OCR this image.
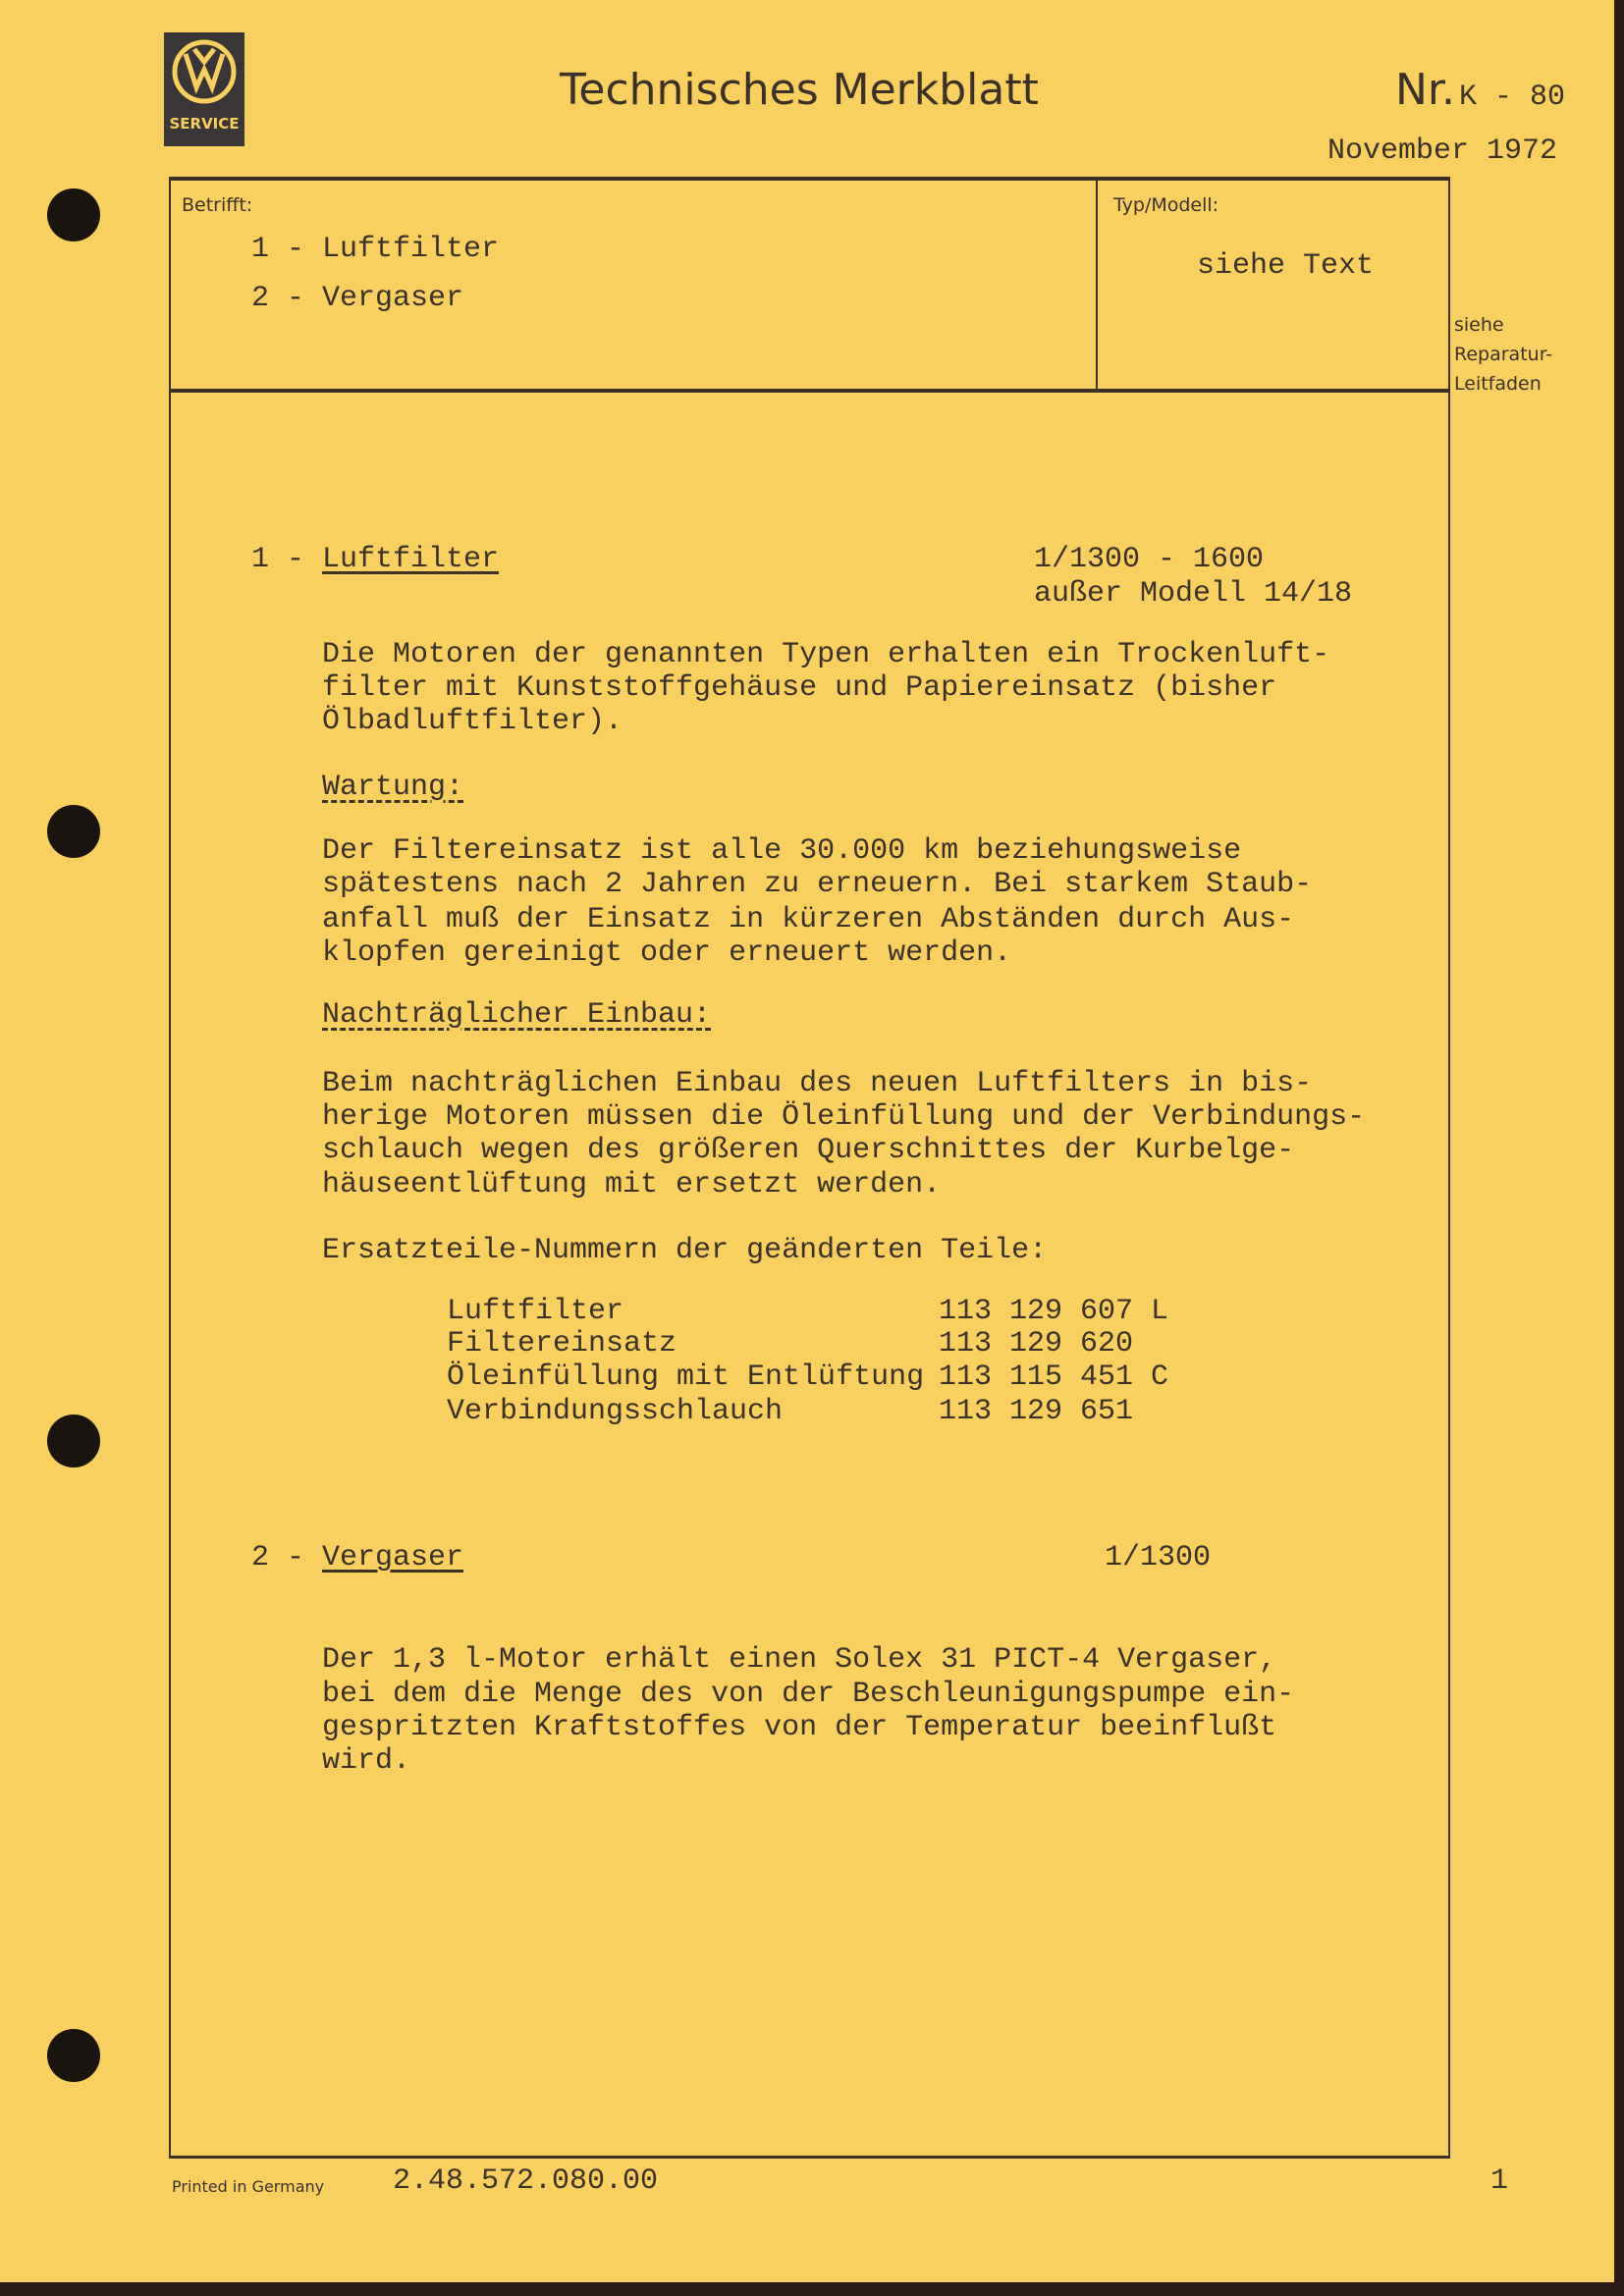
SERVICE
Technisches Merkblatt	Nr. K - 80
November 1972
Betrifft:
1 - Luftfilter
2 - Vergaser
Typ/Modell:
siehe Text
siehe
Reparatur-
Leitfaden
1 - Luftfilter	1/1300 - 1600
außer Modell 14/18
Die Motoren der genannten Typen erhalten ein Trockenluft-
filter mit Kunststoffgehäuse und Papiereinsatz (bisher
Ölbadluftfilter).
Wartung:
Der Filtereinsatz ist alle 30.000 km beziehungsweise
spätestens nach 2 Jahren zu erneuern. Bei starkem Staub-
anfall muß der Einsatz in kürzeren Abständen durch Aus-
klopfen gereinigt oder erneuert werden.
Nachträglicher Einbau:
Beim nachträglichen Einbau des neuen Luftfilters in bis-
herige Motoren müssen die Öleinfüllung und der Verbindungs-
schlauch wegen des größeren Querschnittes der Kurbelge-
häuseentlüftung mit ersetzt werden.
Ersatzteile-Nummern der geänderten Teile:
Luftfilter	113 129 607 L
Filtereinsatz	113 129 620
Öleinfüllung mit Entlüftung 113 115 451 C
Verbindungsschlauch	113 129 651
2 - Vergaser	1/1300
Der 1,3 l-Motor erhält einen Solex 31 PICT-4 Vergaser,
bei dem die Menge des von der Beschleunigungspumpe ein-
gespritzten Kraftstoffes von der Temperatur beeinflußt
wird.
Printed in Germany 2.48.572.080.00	1
